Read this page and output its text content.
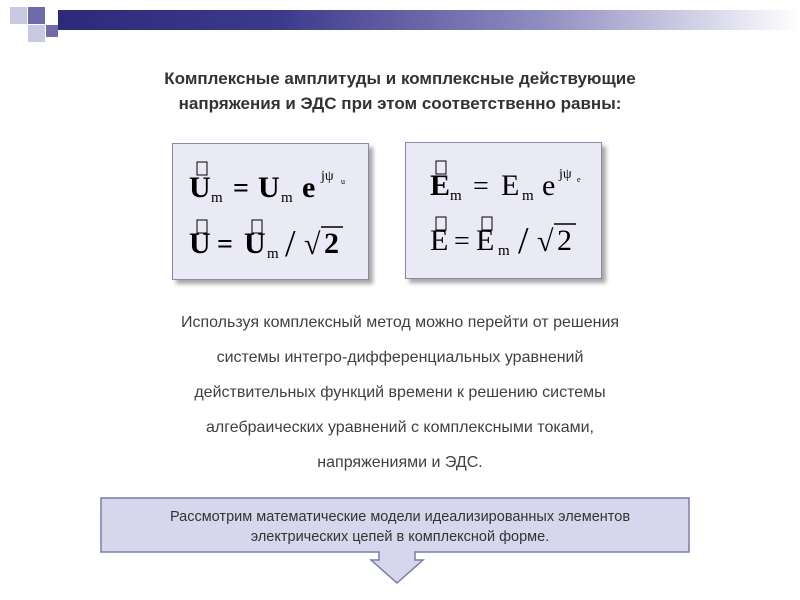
Комплексные амплитуды и комплексные действующие
напряжения и ЭДС при этом соответственно равны:
U m = U m e jψ u
U = U m / √ 2
E m = E m e jψ e
E = E m / √ 2
Используя комплексный метод можно перейти от решения
системы интегро-дифференциальных уравнений
действительных функций времени к решению системы
алгебраических уравнений с комплексными токами,
напряжениями и ЭДС.
Рассмотрим математические модели идеализированных элементов
электрических цепей в комплексной форме.
